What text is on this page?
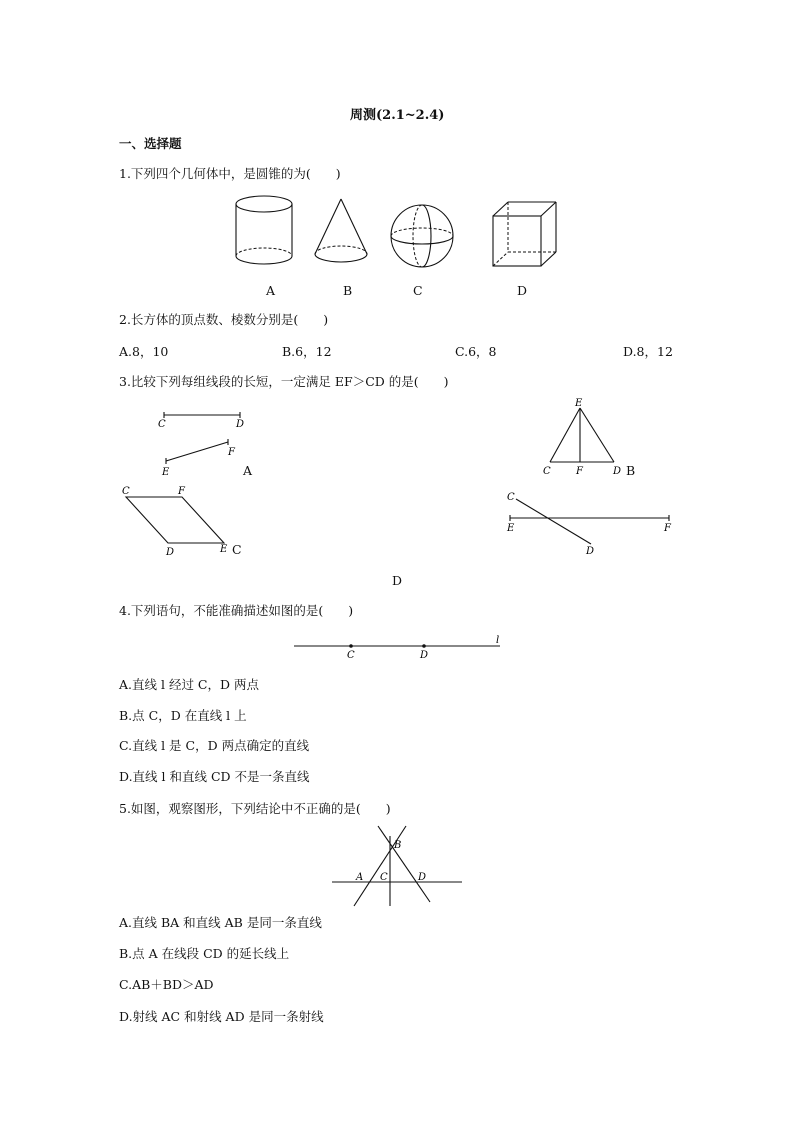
周测(2.1~2.4)
一、选择题
1.下列四个几何体中，是圆锥的为(　　)
A	B	C	D
2.长方体的顶点数、棱数分别是(　　)
A.8，10	B.6，12	C.6，8	D.8，12
3.比较下列每组线段的长短，一定满足 EF＞CD 的是(　　)
C	D
E
F
A
E
C	F	D B
C	F
D	E C
C
E	F
D
D
4.下列语句，不能准确描述如图的是(　　)
C	D
l
A.直线 l 经过 C，D 两点
B.点 C，D 在直线 l 上
C.直线 l 是 C，D 两点确定的直线
D.直线 l 和直线 CD 不是一条直线
5.如图，观察图形，下列结论中不正确的是(　　)
B
A C	D
A.直线 BA 和直线 AB 是同一条直线
B.点 A 在线段 CD 的延长线上
C.AB＋BD＞AD
D.射线 AC 和射线 AD 是同一条射线
